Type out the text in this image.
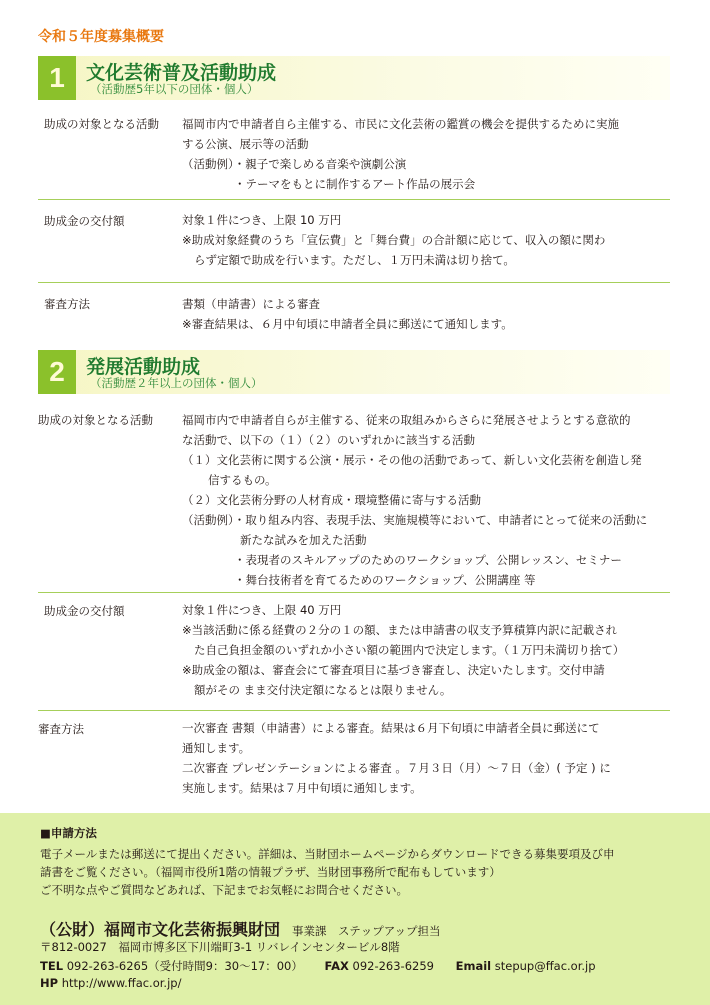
令和５年度募集概要
1	文化芸術普及活動助成
（活動歴5年以下の団体・個人）
助成の対象となる活動 福岡市内で申請者自ら主催する、市民に文化芸術の鑑賞の機会を提供するために実施
する公演、展示等の活動
（活動例）・親子で楽しめる音楽や演劇公演
・テーマをもとに制作するアート作品の展示会
助成金の交付額	対象１件につき、上限 10 万円
※助成対象経費のうち「宣伝費」と「舞台費」の合計額に応じて、収入の額に関わ
らず定額で助成を行います。ただし、１万円未満は切り捨て。
審査方法	書類（申請書）による審査
※審査結果は、６月中旬頃に申請者全員に郵送にて通知します。
2	発展活動助成
（活動歴２年以上の団体・個人）
助成の対象となる活動	福岡市内で申請者自らが主催する、従来の取組みからさらに発展させようとする意欲的
な活動で、以下の（１）（２）のいずれかに該当する活動
（１）文化芸術に関する公演・展示・その他の活動であって、新しい文化芸術を創造し発
信するもの。
（２）文化芸術分野の人材育成・環境整備に寄与する活動
（活動例）・取り組み内容、表現手法、実施規模等において、申請者にとって従来の活動に
新たな試みを加えた活動
・表現者のスキルアップのためのワークショップ、公開レッスン、セミナー
・舞台技術者を育てるためのワークショップ、公開講座 等
助成金の交付額	対象１件につき、上限 40 万円
※当該活動に係る経費の２分の１の額、または申請書の収支予算積算内訳に記載され
た自己負担金額のいずれか小さい額の範囲内で決定します。（１万円未満切り捨て）
※助成金の額は、審査会にて審査項目に基づき審査し、決定いたします。交付申請
額がその まま交付決定額になるとは限りません。
審査方法	一次審査 書類（申請書）による審査。結果は６月下旬頃に申請者全員に郵送にて
通知します。
二次審査 プレゼンテーションによる審査 。７月３日（月）〜７日（金）( 予定 ) に
実施します。結果は７月中旬頃に通知します。
■申請方法
電子メールまたは郵送にて提出ください。詳細は、当財団ホームページからダウンロードできる募集要項及び申
請書をご覧ください。（福岡市役所1階の情報プラザ、当財団事務所で配布もしています）
ご不明な点やご質問などあれば、下記までお気軽にお問合せください。
（公財）福岡市文化芸術振興財団 事業課　ステップアップ担当
〒812-0027　福岡市博多区下川端町3-1 リバレインセンタービル8階
TEL 092-263-6265（受付時間9：30〜17：00） FAX 092-263-6259 Email stepup@ffac.or.jp
HP http://www.ffac.or.jp/
